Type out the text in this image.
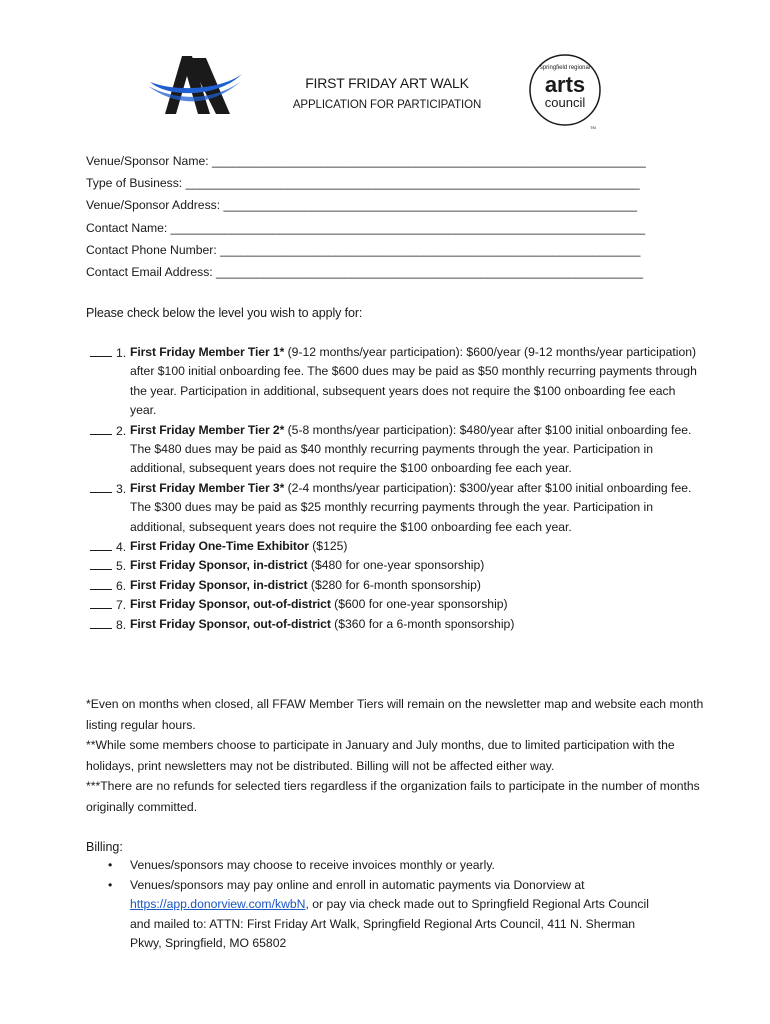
FIRST FRIDAY ART WALK
APPLICATION FOR PARTICIPATION
springfield regional
arts
council
TM
Venue/Sponsor Name: ________________________________________________________________
Type of Business: ___________________________________________________________________
Venue/Sponsor Address: _____________________________________________________________
Contact Name: ______________________________________________________________________
Contact Phone Number: ______________________________________________________________
Contact Email Address: _______________________________________________________________
Please check below the level you wish to apply for:
1. First Friday Member Tier 1* (9-12 months/year participation): $600/year (9-12 months/year participation) after $100 initial onboarding fee. The $600 dues may be paid as $50 monthly recurring payments through the year. Participation in additional, subsequent years does not require the $100 onboarding fee each year.
2. First Friday Member Tier 2* (5-8 months/year participation): $480/year after $100 initial onboarding fee. The $480 dues may be paid as $40 monthly recurring payments through the year. Participation in additional, subsequent years does not require the $100 onboarding fee each year.
3. First Friday Member Tier 3* (2-4 months/year participation): $300/year after $100 initial onboarding fee. The $300 dues may be paid as $25 monthly recurring payments through the year. Participation in additional, subsequent years does not require the $100 onboarding fee each year.
4. First Friday One-Time Exhibitor ($125)
5. First Friday Sponsor, in-district ($480 for one-year sponsorship)
6. First Friday Sponsor, in-district ($280 for 6-month sponsorship)
7. First Friday Sponsor, out-of-district ($600 for one-year sponsorship)
8. First Friday Sponsor, out-of-district ($360 for a 6-month sponsorship)

*Even on months when closed, all FFAW Member Tiers will remain on the newsletter map and website each month listing regular hours.

**While some members choose to participate in January and July months, due to limited participation with the holidays, print newsletters may not be distributed. Billing will not be affected either way.

***There are no refunds for selected tiers regardless if the organization fails to participate in the number of months originally committed.

Billing:
• Venues/sponsors may choose to receive invoices monthly or yearly.
• Venues/sponsors may pay online and enroll in automatic payments via Donorview at https://app.donorview.com/kwbN, or pay via check made out to Springfield Regional Arts Council and mailed to: ATTN: First Friday Art Walk, Springfield Regional Arts Council, 411 N. Sherman Pkwy, Springfield, MO 65802
